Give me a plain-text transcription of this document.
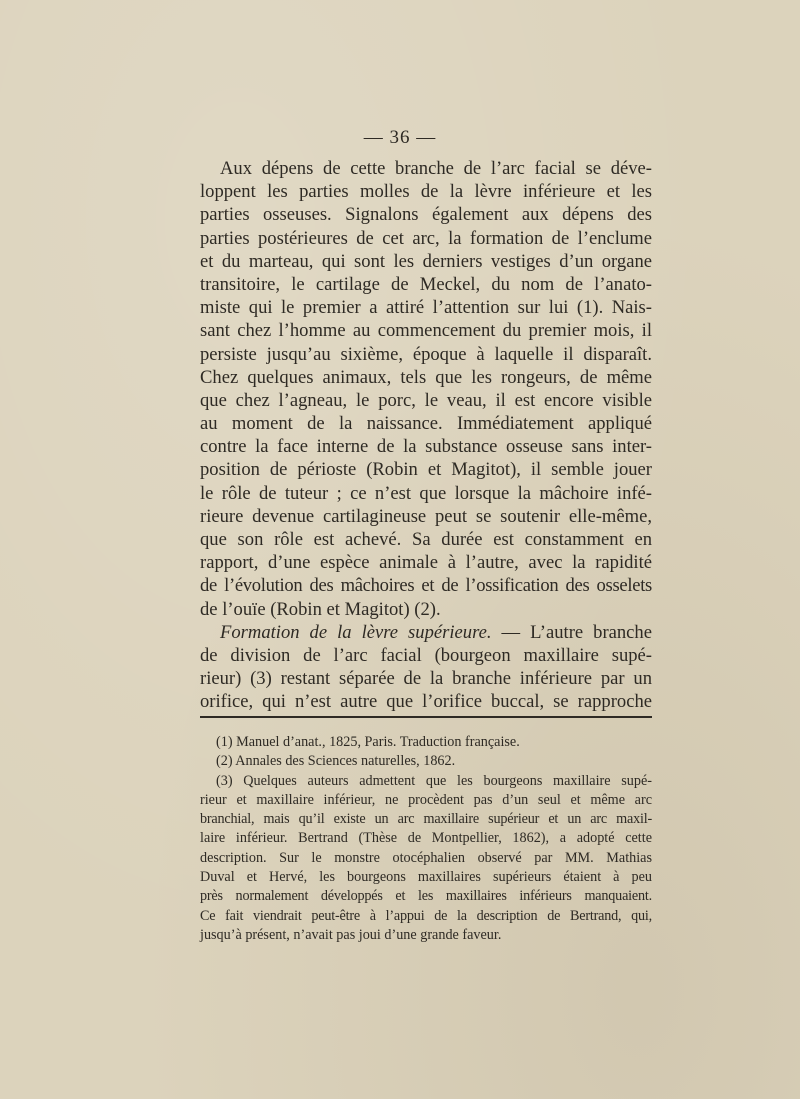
— 36 —
Aux dépens de cette branche de l’arc facial se déve-
loppent les parties molles de la lèvre inférieure et les
parties osseuses. Signalons également aux dépens des
parties postérieures de cet arc, la formation de l’enclume
et du marteau, qui sont les derniers vestiges d’un organe
transitoire, le cartilage de Meckel, du nom de l’anato-
miste qui le premier a attiré l’attention sur lui (1). Nais-
sant chez l’homme au commencement du premier mois, il
persiste jusqu’au sixième, époque à laquelle il disparaît.
Chez quelques animaux, tels que les rongeurs, de même
que chez l’agneau, le porc, le veau, il est encore visible
au moment de la naissance. Immédiatement appliqué
contre la face interne de la substance osseuse sans inter-
position de périoste (Robin et Magitot), il semble jouer
le rôle de tuteur ; ce n’est que lorsque la mâchoire infé-
rieure devenue cartilagineuse peut se soutenir elle-même,
que son rôle est achevé. Sa durée est constamment en
rapport, d’une espèce animale à l’autre, avec la rapidité
de l’évolution des mâchoires et de l’ossification des osselets
de l’ouïe (Robin et Magitot) (2).
Formation de la lèvre supérieure. — L’autre branche
de division de l’arc facial (bourgeon maxillaire supé-
rieur) (3) restant séparée de la branche inférieure par un
orifice, qui n’est autre que l’orifice buccal, se rapproche
(1) Manuel d’anat., 1825, Paris. Traduction française.
(2) Annales des Sciences naturelles, 1862.
(3) Quelques auteurs admettent que les bourgeons maxillaire supé-
rieur et maxillaire inférieur, ne procèdent pas d’un seul et même arc
branchial, mais qu’il existe un arc maxillaire supérieur et un arc maxil-
laire inférieur. Bertrand (Thèse de Montpellier, 1862), a adopté cette
description. Sur le monstre otocéphalien observé par MM. Mathias
Duval et Hervé, les bourgeons maxillaires supérieurs étaient à peu
près normalement développés et les maxillaires inférieurs manquaient.
Ce fait viendrait peut-être à l’appui de la description de Bertrand, qui,
jusqu’à présent, n’avait pas joui d’une grande faveur.
